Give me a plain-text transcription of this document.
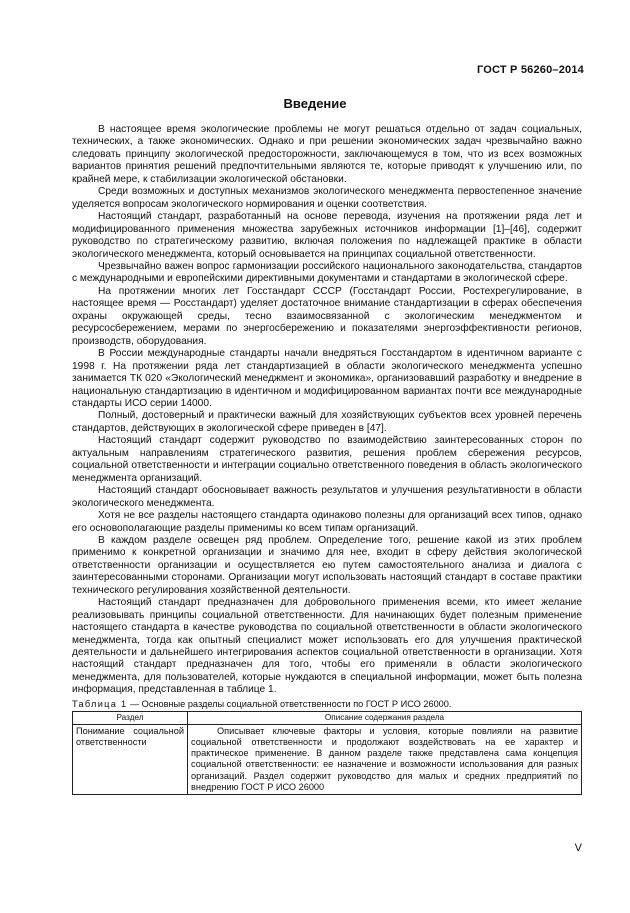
ГОСТ Р 56260–2014
Введение

В настоящее время экологические проблемы не могут решаться отдельно от задач социальных, технических, а также экономических. Однако и при решении экономических задач чрезвычайно важно следовать принципу экологической предосторожности, заключающемуся в том, что из всех возможных вариантов принятия решений предпочтительными являются те, которые приводят к улучшению или, по крайней мере, к стабилизации экологической обстановки.

Среди возможных и доступных механизмов экологического менеджмента первостепенное значение уделяется вопросам экологического нормирования и оценки соответствия.

Настоящий стандарт, разработанный на основе перевода, изучения на протяжении ряда лет и модифицированного применения множества зарубежных источников информации [1]–[46], содержит руководство по стратегическому развитию, включая положения по надлежащей практике в области экологического менеджмента, который основывается на принципах социальной ответственности.

Чрезвычайно важен вопрос гармонизации российского национального законодательства, стандартов с международными и европейскими директивными документами и стандартами в экологической сфере.

На протяжении многих лет Госстандарт СССР (Госстандарт России, Ростехрегулирование, в настоящее время — Росстандарт) уделяет достаточное внимание стандартизации в сферах обеспечения охраны окружающей среды, тесно взаимосвязанной с экологическим менеджментом и ресурсосбережением, мерами по энергосбережению и показателями энергоэффективности регионов, производств, оборудования.

В России международные стандарты начали внедряться Госстандартом в идентичном варианте с 1998 г. На протяжении ряда лет стандартизацией в области экологического менеджмента успешно занимается ТК 020 «Экологический менеджмент и экономика», организовавший разработку и внедрение в национальную стандартизацию в идентичном и модифицированном вариантах почти все международные стандарты ИСО серии 14000.

Полный, достоверный и практически важный для хозяйствующих субъектов всех уровней перечень стандартов, действующих в экологической сфере приведен в [47].

Настоящий стандарт содержит руководство по взаимодействию заинтересованных сторон по актуальным направлениям стратегического развития, решения проблем сбережения ресурсов, социальной ответственности и интеграции социально ответственного поведения в область экологического менеджмента организаций.

Настоящий стандарт обосновывает важность результатов и улучшения результативности в области экологического менеджмента.

Хотя не все разделы настоящего стандарта одинаково полезны для организаций всех типов, однако его основополагающие разделы применимы ко всем типам организаций.

В каждом разделе освещен ряд проблем. Определение того, решение какой из этих проблем применимо к конкретной организации и значимо для нее, входит в сферу действия экологической ответственности организации и осуществляется ею путем самостоятельного анализа и диалога с заинтересованными сторонами. Организации могут использовать настоящий стандарт в составе практики технического регулирования хозяйственной деятельности.

Настоящий стандарт предназначен для добровольного применения всеми, кто имеет желание реализовывать принципы социальной ответственности. Для начинающих будет полезным применение настоящего стандарта в качестве руководства по социальной ответственности в области экологического менеджмента, тогда как опытный специалист может использовать его для улучшения практической деятельности и дальнейшего интегрирования аспектов социальной ответственности в организации. Хотя настоящий стандарт предназначен для того, чтобы его применяли в области экологического менеджмента, для пользователей, которые нуждаются в специальной информации, может быть полезна информация, представленная в таблице 1.

Таблица 1 — Основные разделы социальной ответственности по ГОСТ Р ИСО 26000.
Раздел	Описание содержания раздела
Понимание социальной ответственности	Описывает ключевые факторы и условия, которые повлияли на развитие социальной ответственности и продолжают воздействовать на ее характер и практическое применение. В данном разделе также представлена сама концепция социальной ответственности: ее назначение и возможности использования для разных организаций. Раздел содержит руководство для малых и средних предприятий по внедрению ГОСТ Р ИСО 26000
V
